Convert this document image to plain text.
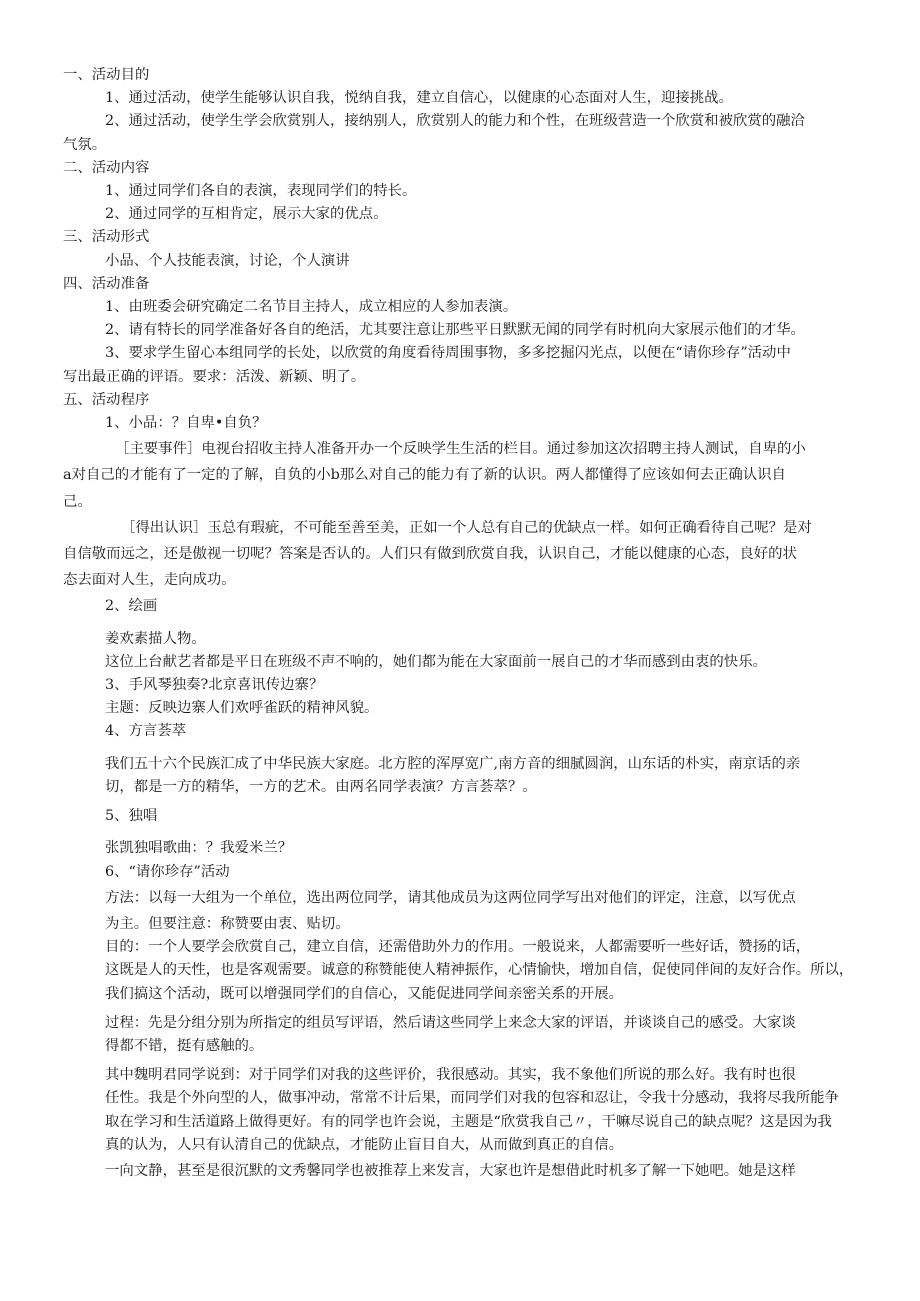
一、活动目的
1、通过活动，使学生能够认识自我，悦纳自我，建立自信心，以健康的心态面对人生，迎接挑战。
2、通过活动，使学生学会欣赏别人，接纳别人，欣赏别人的能力和个性，在班级营造一个欣赏和被欣赏的融洽
气氛。
二、活动内容
1、通过同学们各自的表演，表现同学们的特长。
2、通过同学的互相肯定，展示大家的优点。
三、活动形式
小品、个人技能表演，讨论，个人演讲
四、活动准备
1、由班委会研究确定二名节目主持人，成立相应的人参加表演。
2、请有特长的同学准备好各自的绝活，尤其要注意让那些平日默默无闻的同学有时机向大家展示他们的才华。
3、要求学生留心本组同学的长处，以欣赏的角度看待周围事物，多多挖掘闪光点，以便在“请你珍存”活动中
写出最正确的评语。要求：活泼、新颖、明了。
五、活动程序
1、小品：？自卑•自负？
［主要事件］电视台招收主持人准备开办一个反映学生生活的栏目。通过参加这次招聘主持人测试，自卑的小
a对自己的才能有了一定的了解，自负的小b那么对自己的能力有了新的认识。两人都懂得了应该如何去正确认识自
己。
［得出认识］玉总有瑕疵，不可能至善至美，正如一个人总有自己的优缺点一样。如何正确看待自己呢？是对
自信敬而远之，还是傲视一切呢？答案是否认的。人们只有做到欣赏自我，认识自己，才能以健康的心态，良好的状
态去面对人生，走向成功。
2、绘画
姜欢素描人物。
这位上台献艺者都是平日在班级不声不响的，她们都为能在大家面前一展自己的才华而感到由衷的快乐。
3、手风琴独奏?北京喜讯传边寨？
主题：反映边寨人们欢呼雀跃的精神风貌。
4、方言荟萃
我们五十六个民族汇成了中华民族大家庭。北方腔的浑厚宽广,南方音的细腻圆润，山东话的朴实，南京话的亲
切，都是一方的精华，一方的艺术。由两名同学表演？方言荟萃？。
5、独唱
张凯独唱歌曲：？我爱米兰？
6、“请你珍存”活动
方法：以每一大组为一个单位，选出两位同学，请其他成员为这两位同学写出对他们的评定，注意，以写优点
为主。但要注意：称赞要由衷、贴切。
目的：一个人要学会欣赏自己，建立自信，还需借助外力的作用。一般说来，人都需要听一些好话，赞扬的话，
这既是人的天性，也是客观需要。诚意的称赞能使人精神振作，心情愉快，增加自信，促使同伴间的友好合作。所以，
我们搞这个活动，既可以增强同学们的自信心，又能促进同学间亲密关系的开展。
过程：先是分组分别为所指定的组员写评语，然后请这些同学上来念大家的评语，并谈谈自己的感受。大家谈
得都不错，挺有感触的。
其中魏明君同学说到：对于同学们对我的这些评价，我很感动。其实，我不象他们所说的那么好。我有时也很
任性。我是个外向型的人，做事冲动，常常不计后果，而同学们对我的包容和忍让，令我十分感动，我将尽我所能争
取在学习和生活道路上做得更好。有的同学也许会说，主题是“欣赏我自己〃，干嘛尽说自己的缺点呢？这是因为我
真的认为，人只有认清自己的优缺点，才能防止盲目自大，从而做到真正的自信。
一向文静，甚至是很沉默的文秀馨同学也被推荐上来发言，大家也许是想借此时机多了解一下她吧。她是这样
